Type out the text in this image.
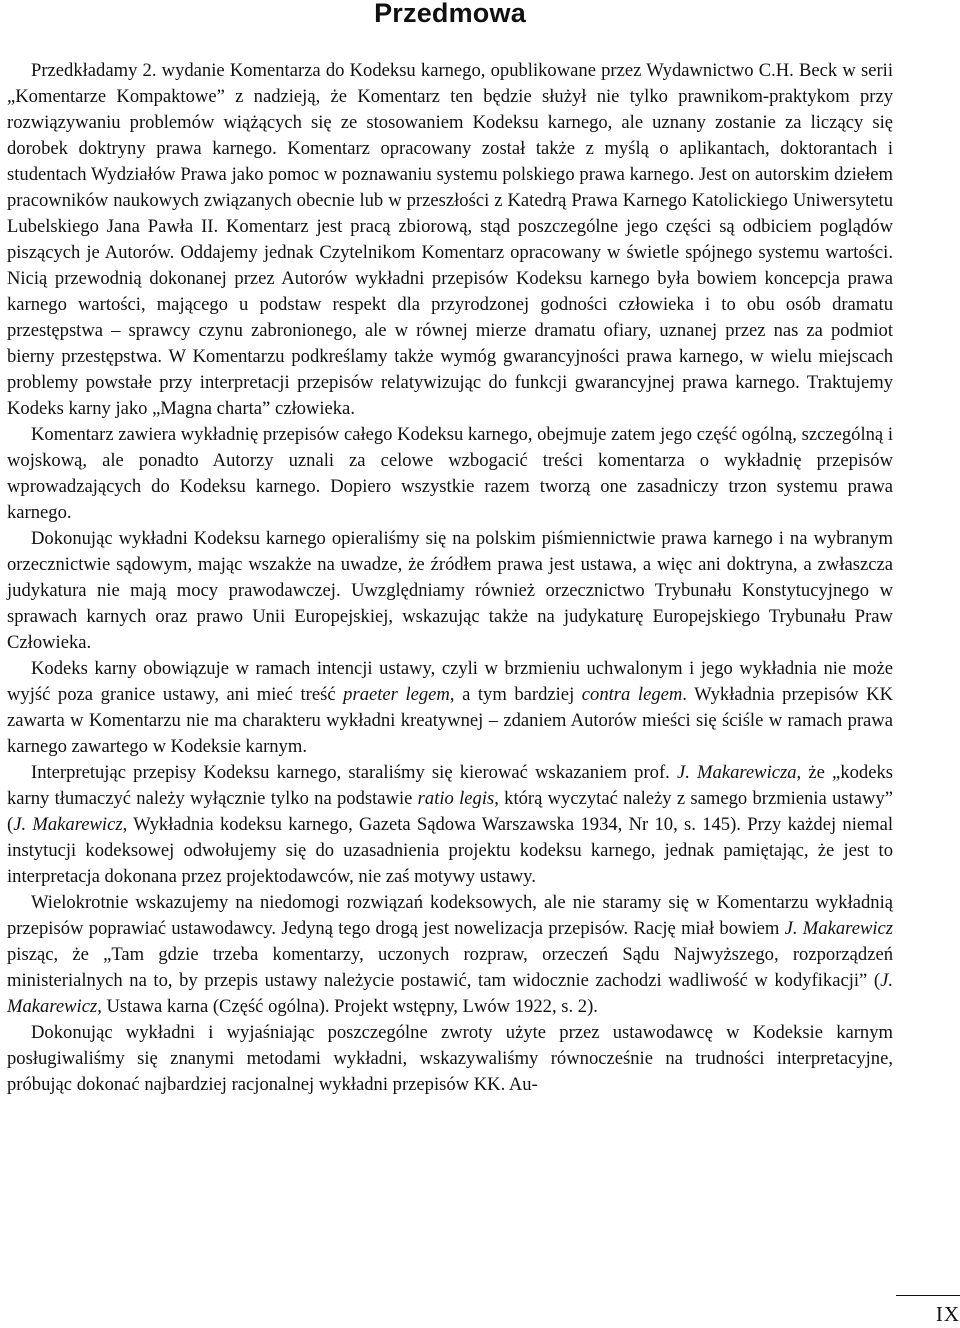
Przedmowa

Przedkładamy 2. wydanie Komentarza do Kodeksu karnego, opublikowane przez Wydawnictwo C.H. Beck w serii „Komentarze Kompaktowe” z nadzieją, że Komentarz ten będzie służył nie tylko prawnikom-praktykom przy rozwiązywaniu problemów wiążących się ze stosowaniem Kodeksu karnego, ale uznany zostanie za liczący się dorobek doktryny prawa karnego. Komentarz opracowany został także z myślą o aplikantach, doktorantach i studentach Wydziałów Prawa jako pomoc w poznawaniu systemu polskiego prawa karnego. Jest on autorskim dziełem pracowników naukowych związanych obecnie lub w przeszłości z Katedrą Prawa Karnego Katolickiego Uniwersytetu Lubelskiego Jana Pawła II. Komentarz jest pracą zbiorową, stąd poszczególne jego części są odbiciem poglądów piszących je Autorów. Oddajemy jednak Czytelnikom Komentarz opracowany w świetle spójnego systemu wartości. Nicią przewodnią dokonanej przez Autorów wykładni przepisów Kodeksu karnego była bowiem koncepcja prawa karnego wartości, mającego u podstaw respekt dla przyrodzonej godności człowieka i to obu osób dramatu przestępstwa – sprawcy czynu zabronionego, ale w równej mierze dramatu ofiary, uznanej przez nas za podmiot bierny przestępstwa. W Komentarzu podkreślamy także wymóg gwarancyjności prawa karnego, w wielu miejscach problemy powstałe przy interpretacji przepisów relatywizując do funkcji gwarancyjnej prawa karnego. Traktujemy Kodeks karny jako „Magna charta” człowieka.

Komentarz zawiera wykładnię przepisów całego Kodeksu karnego, obejmuje zatem jego część ogólną, szczególną i wojskową, ale ponadto Autorzy uznali za celowe wzbogacić treści komentarza o wykładnię przepisów wprowadzających do Kodeksu karnego. Dopiero wszystkie razem tworzą one zasadniczy trzon systemu prawa karnego.

Dokonując wykładni Kodeksu karnego opieraliśmy się na polskim piśmiennictwie prawa karnego i na wybranym orzecznictwie sądowym, mając wszakże na uwadze, że źródłem prawa jest ustawa, a więc ani doktryna, a zwłaszcza judykatura nie mają mocy prawodawczej. Uwzględniamy również orzecznictwo Trybunału Konstytucyjnego w sprawach karnych oraz prawo Unii Europejskiej, wskazując także na judykaturę Europejskiego Trybunału Praw Człowieka.

Kodeks karny obowiązuje w ramach intencji ustawy, czyli w brzmieniu uchwalonym i jego wykładnia nie może wyjść poza granice ustawy, ani mieć treść praeter legem, a tym bardziej contra legem. Wykładnia przepisów KK zawarta w Komentarzu nie ma charakteru wykładni kreatywnej – zdaniem Autorów mieści się ściśle w ramach prawa karnego zawartego w Kodeksie karnym.

Interpretując przepisy Kodeksu karnego, staraliśmy się kierować wskazaniem prof. J. Makarewicza, że „kodeks karny tłumaczyć należy wyłącznie tylko na podstawie ratio legis, którą wyczytać należy z samego brzmienia ustawy” (J. Makarewicz, Wykładnia kodeksu karnego, Gazeta Sądowa Warszawska 1934, Nr 10, s. 145). Przy każdej niemal instytucji kodeksowej odwołujemy się do uzasadnienia projektu kodeksu karnego, jednak pamiętając, że jest to interpretacja dokonana przez projektodawców, nie zaś motywy ustawy.

Wielokrotnie wskazujemy na niedomogi rozwiązań kodeksowych, ale nie staramy się w Komentarzu wykładnią przepisów poprawiać ustawodawcy. Jedyną tego drogą jest nowelizacja przepisów. Rację miał bowiem J. Makarewicz pisząc, że „Tam gdzie trzeba komentarzy, uczonych rozpraw, orzeczeń Sądu Najwyższego, rozporządzeń ministerialnych na to, by przepis ustawy należycie postawić, tam widocznie zachodzi wadliwość w kodyfikacji” (J. Makarewicz, Ustawa karna (Część ogólna). Projekt wstępny, Lwów 1922, s. 2).

Dokonując wykładni i wyjaśniając poszczególne zwroty użyte przez ustawodawcę w Kodeksie karnym posługiwaliśmy się znanymi metodami wykładni, wskazywaliśmy równocześnie na trudności interpretacyjne, próbując dokonać najbardziej racjonalnej wykładni przepisów KK. Au-

IX
